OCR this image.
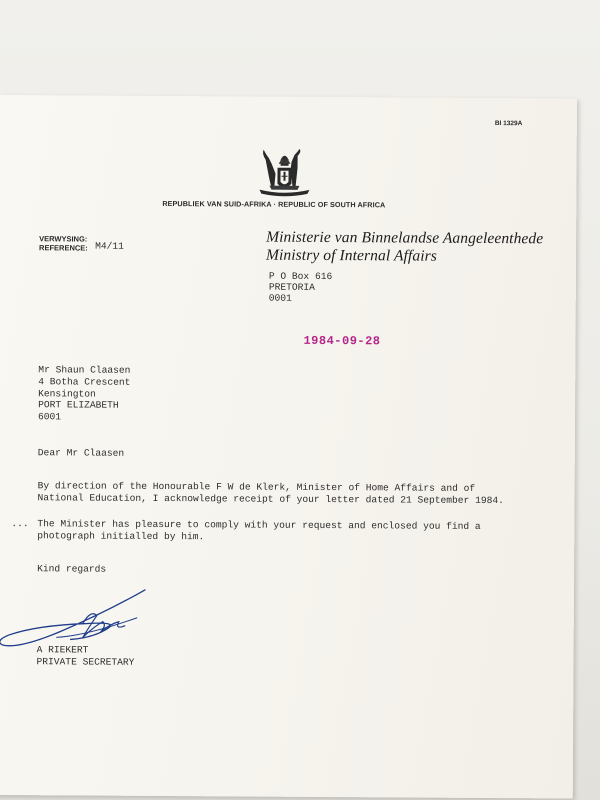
BI 1329A
REPUBLIEK VAN SUID-AFRIKA · REPUBLIC OF SOUTH AFRICA
VERWYSING:
REFERENCE: M4/11	Ministerie van Binnelandse Aangeleenthede
Ministry of Internal Affairs
P O Box 616
PRETORIA
0001
1984-09-28
Mr Shaun Claasen
4 Botha Crescent
Kensington
PORT ELIZABETH
6001
Dear Mr Claasen
By direction of the Honourable F W de Klerk, Minister of Home Affairs and of
National Education, I acknowledge receipt of your letter dated 21 September 1984.
... The Minister has pleasure to comply with your request and enclosed you find a
photograph initialled by him.
Kind regards
A RIEKERT
PRIVATE SECRETARY
